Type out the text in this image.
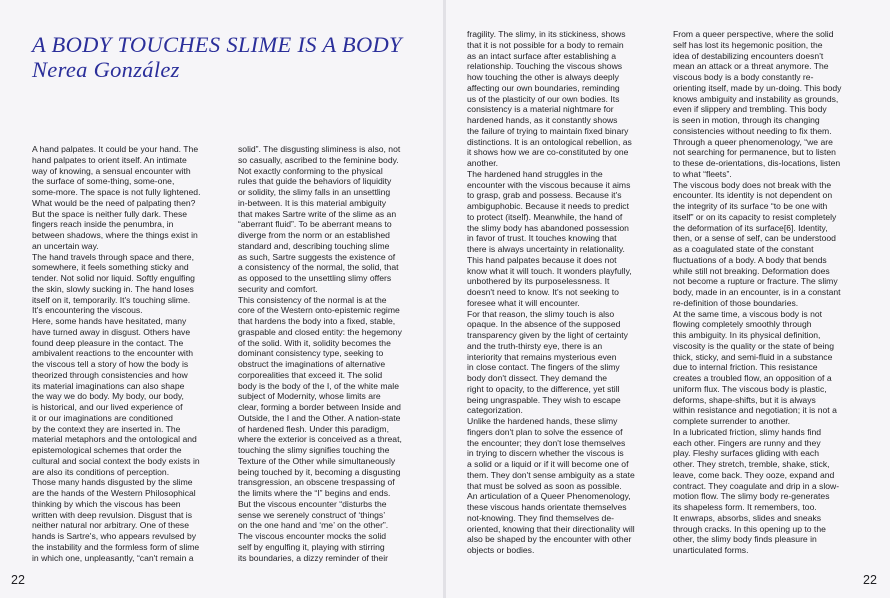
A BODY TOUCHES SLIME IS A BODY
Nerea González
A hand palpates. It could be your hand. The
hand palpates to orient itself. An intimate
way of knowing, a sensual encounter with
the surface of some-thing, some-one,
some-more. The space is not fully lightened.
What would be the need of palpating then?
But the space is neither fully dark. These
fingers reach inside the penumbra, in
between shadows, where the things exist in
an uncertain way.
The hand travels through space and there,
somewhere, it feels something sticky and
tender. Not solid nor liquid. Softly engulfing
the skin, slowly sucking in. The hand loses
itself on it, temporarily. It's touching slime.
It's encountering the viscous.
Here, some hands have hesitated, many
have turned away in disgust. Others have
found deep pleasure in the contact. The
ambivalent reactions to the encounter with
the viscous tell a story of how the body is
theorized through consistencies and how
its material imaginations can also shape
the way we do body. My body, our body,
is historical, and our lived experience of
it or our imaginations are conditioned
by the context they are inserted in. The
material metaphors and the ontological and
epistemological schemes that order the
cultural and social context the body exists in
are also its conditions of perception.
Those many hands disgusted by the slime
are the hands of the Western Philosophical
thinking by which the viscous has been
written with deep revulsion. Disgust that is
neither natural nor arbitrary. One of these
hands is Sartre's, who appears revulsed by
the instability and the formless form of slime
in which one, unpleasantly, “can't remain a
solid”. The disgusting sliminess is also, not
so casually, ascribed to the feminine body.
Not exactly conforming to the physical
rules that guide the behaviors of liquidity
or solidity, the slimy falls in an unsettling
in-between. It is this material ambiguity
that makes Sartre write of the slime as an
“aberrant fluid”. To be aberrant means to
diverge from the norm or an established
standard and, describing touching slime
as such, Sartre suggests the existence of
a consistency of the normal, the solid, that
as opposed to the unsettling slimy offers
security and comfort.
This consistency of the normal is at the
core of the Western onto-epistemic regime
that hardens the body into a fixed, stable,
graspable and closed entity: the hegemony
of the solid. With it, solidity becomes the
dominant consistency type, seeking to
obstruct the imaginations of alternative
corporealities that exceed it. The solid
body is the body of the I, of the white male
subject of Modernity, whose limits are
clear, forming a border between Inside and
Outside, the I and the Other. A nation-state
of hardened flesh. Under this paradigm,
where the exterior is conceived as a threat,
touching the slimy signifies touching the
Texture of the Other while simultaneously
being touched by it, becoming a disgusting
transgression, an obscene trespassing of
the limits where the “I” begins and ends.
But the viscous encounter “disturbs the
sense we serenely construct of ‘things’
on the one hand and ‘me’ on the other”.
The viscous encounter mocks the solid
self by engulfing it, playing with stirring
its boundaries, a dizzy reminder of their
fragility. The slimy, in its stickiness, shows
that it is not possible for a body to remain
as an intact surface after establishing a
relationship. Touching the viscous shows
how touching the other is always deeply
affecting our own boundaries, reminding
us of the plasticity of our own bodies. Its
consistency is a material nightmare for
hardened hands, as it constantly shows
the failure of trying to maintain fixed binary
distinctions. It is an ontological rebellion, as
it shows how we are co-constituted by one
another.
The hardened hand struggles in the
encounter with the viscous because it aims
to grasp, grab and possess. Because it's
ambiguphobic. Because it needs to predict
to protect (itself). Meanwhile, the hand of
the slimy body has abandoned possession
in favor of trust. It touches knowing that
there is always uncertainty in relationality.
This hand palpates because it does not
know what it will touch. It wonders playfully,
unbothered by its purposelessness. It
doesn't need to know. It's not seeking to
foresee what it will encounter.
For that reason, the slimy touch is also
opaque. In the absence of the supposed
transparency given by the light of certainty
and the truth-thirsty eye, there is an
interiority that remains mysterious even
in close contact. The fingers of the slimy
body don't dissect. They demand the
right to opacity, to the difference, yet still
being ungraspable. They wish to escape
categorization.
Unlike the hardened hands, these slimy
fingers don't plan to solve the essence of
the encounter; they don't lose themselves
in trying to discern whether the viscous is
a solid or a liquid or if it will become one of
them. They don't sense ambiguity as a state
that must be solved as soon as possible.
An articulation of a Queer Phenomenology,
these viscous hands orientate themselves
not-knowing. They find themselves de-
oriented, knowing that their directionality will
also be shaped by the encounter with other
objects or bodies.
From a queer perspective, where the solid
self has lost its hegemonic position, the
idea of destabilizing encounters doesn't
mean an attack or a threat anymore. The
viscous body is a body constantly re-
orienting itself, made by un-doing. This body
knows ambiguity and instability as grounds,
even if slippery and trembling. This body
is seen in motion, through its changing
consistencies without needing to fix them.
Through a queer phenomenology, “we are
not searching for permanence, but to listen
to these de-orientations, dis-locations, listen
to what “fleets”.
The viscous body does not break with the
encounter. Its identity is not dependent on
the integrity of its surface “to be one with
itself” or on its capacity to resist completely
the deformation of its surface[6]. Identity,
then, or a sense of self, can be understood
as a coagulated state of the constant
fluctuations of a body. A body that bends
while still not breaking. Deformation does
not become a rupture or fracture. The slimy
body, made in an encounter, is in a constant
re-definition of those boundaries.
At the same time, a viscous body is not
flowing completely smoothly through
this ambiguity. In its physical definition,
viscosity is the quality or the state of being
thick, sticky, and semi-fluid in a substance
due to internal friction. This resistance
creates a troubled flow, an opposition of a
uniform flux. The viscous body is plastic,
deforms, shape-shifts, but it is always
within resistance and negotiation; it is not a
complete surrender to another.
In a lubricated friction, slimy hands find
each other. Fingers are runny and they
play. Fleshy surfaces gliding with each
other. They stretch, tremble, shake, stick,
leave, come back. They ooze, expand and
contract. They coagulate and drip in a slow-
motion flow. The slimy body re-generates
its shapeless form. It remembers, too.
It enwraps, absorbs, slides and sneaks
through cracks. In this opening up to the
other, the slimy body finds pleasure in
unarticulated forms.
22	22
